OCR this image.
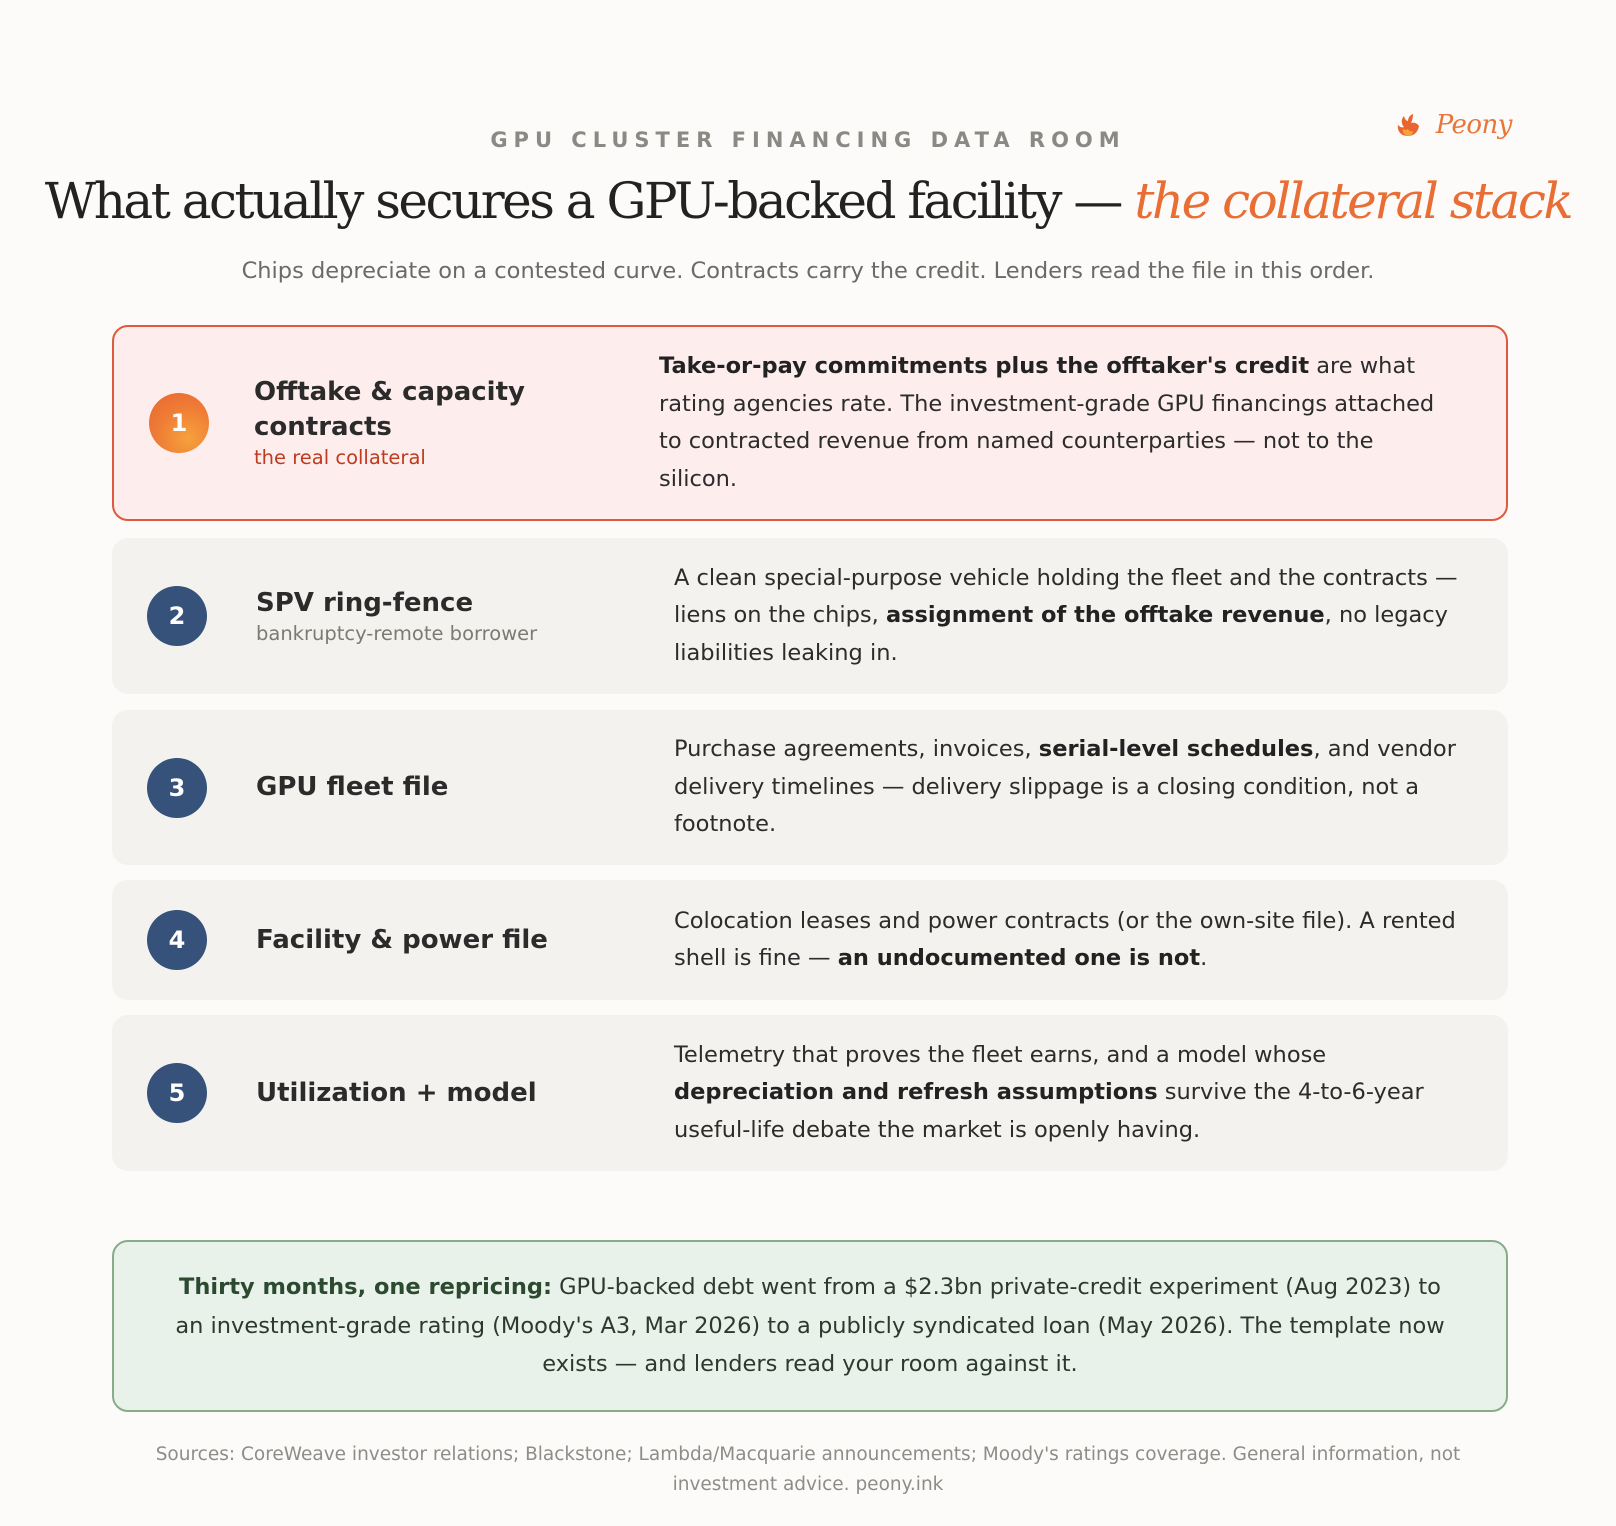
Peony
GPU CLUSTER FINANCING DATA ROOM
What actually secures a GPU-backed facility — the collateral stack
Chips depreciate on a contested curve. Contracts carry the credit. Lenders read the file in this order.
1
Offtake & capacity contracts
the real collateral
Take-or-pay commitments plus the offtaker's credit are what rating agencies rate. The investment-grade GPU financings attached to contracted revenue from named counterparties — not to the silicon.
2	SPV ring-fence
bankruptcy-remote borrower
A clean special-purpose vehicle holding the fleet and the contracts — liens on the chips, assignment of the offtake revenue, no legacy liabilities leaking in.
3	GPU fleet file
Purchase agreements, invoices, serial-level schedules, and vendor delivery timelines — delivery slippage is a closing condition, not a footnote.
4	Facility & power file
Colocation leases and power contracts (or the own-site file). A rented shell is fine — an undocumented one is not.
5	Utilization + model
Telemetry that proves the fleet earns, and a model whose depreciation and refresh assumptions survive the 4-to-6-year useful-life debate the market is openly having.
Thirty months, one repricing: GPU-backed debt went from a $2.3bn private-credit experiment (Aug 2023) to an investment-grade rating (Moody's A3, Mar 2026) to a publicly syndicated loan (May 2026). The template now exists — and lenders read your room against it.
Sources: CoreWeave investor relations; Blackstone; Lambda/Macquarie announcements; Moody's ratings coverage. General information, not investment advice. peony.ink
